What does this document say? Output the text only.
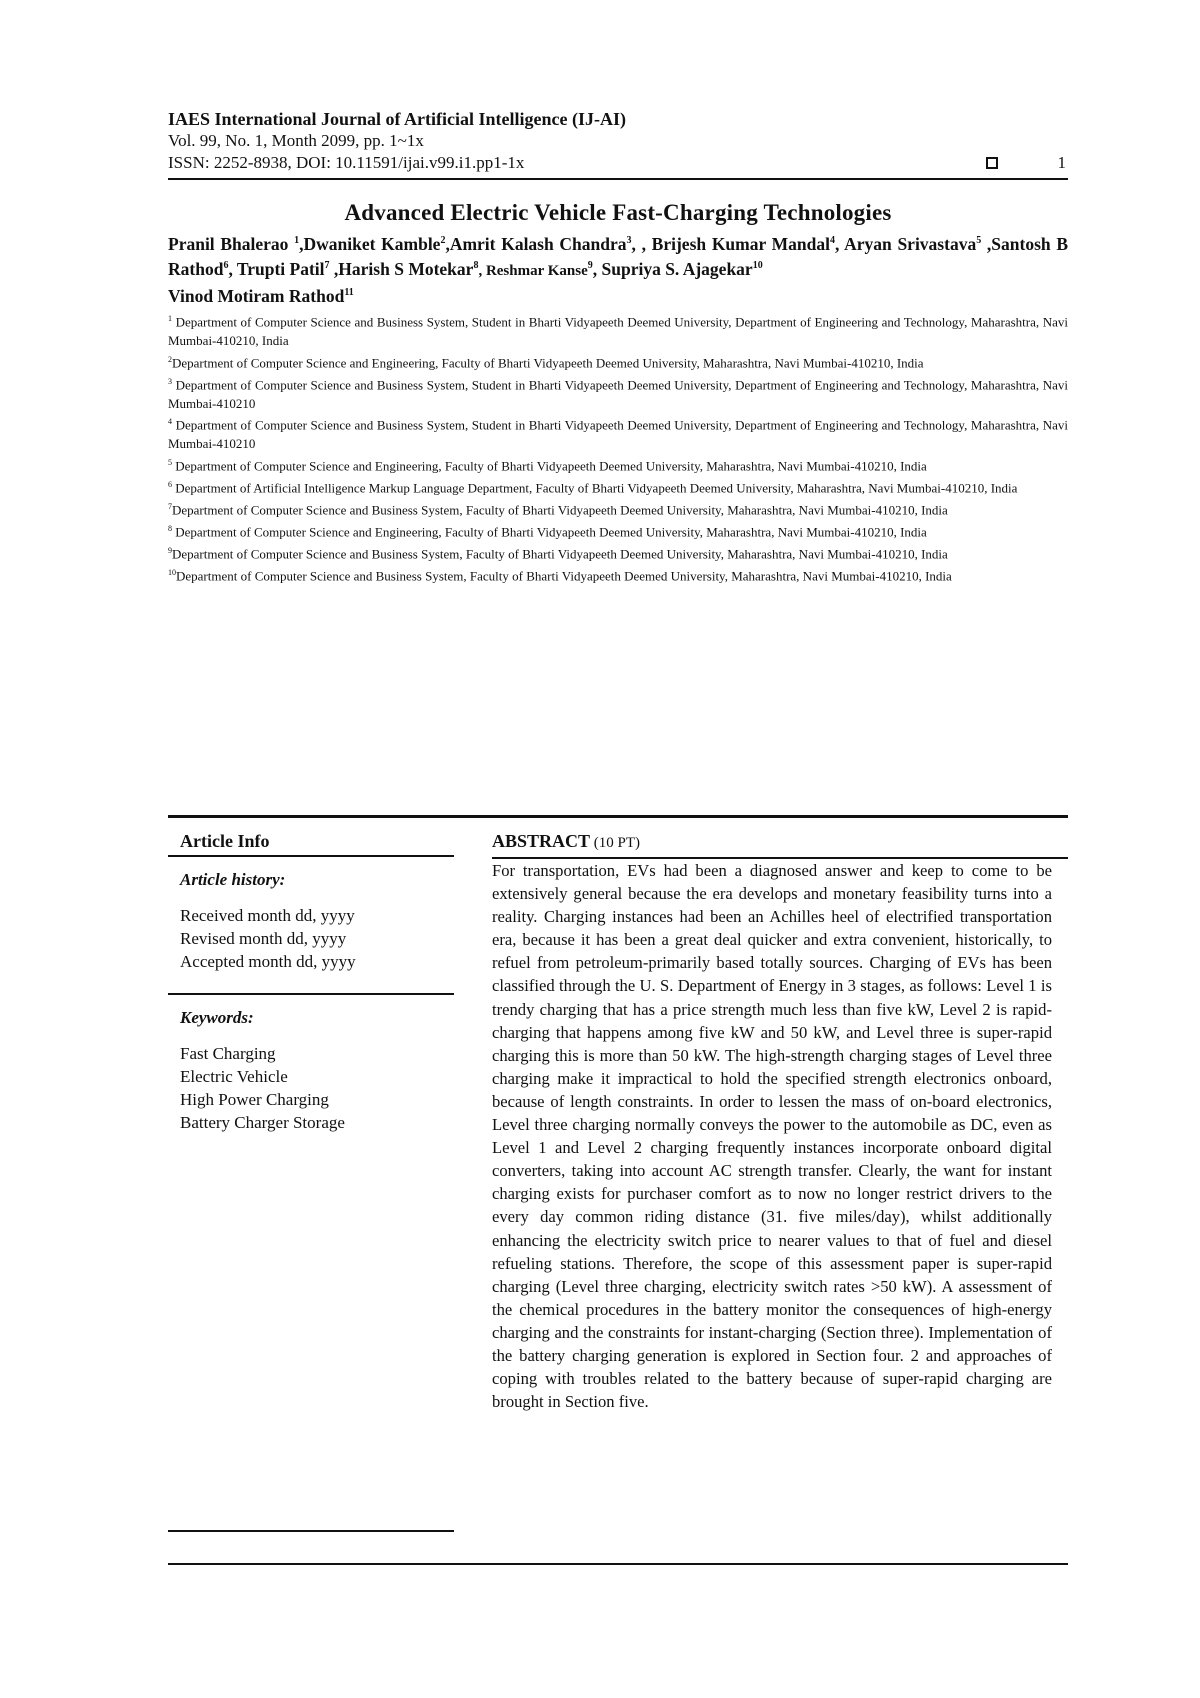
IAES International Journal of Artificial Intelligence (IJ-AI)
Vol. 99, No. 1, Month 2099, pp. 1~1x
ISSN: 2252-8938, DOI: 10.11591/ijai.v99.i1.pp1-1x	1
Advanced Electric Vehicle Fast-Charging Technologies
Pranil Bhalerao $^1$,Dwaniket Kamble$^2$,Amrit Kalash Chandra$^3$, , Brijesh Kumar Mandal$^4$, Aryan Srivastava$^5$ ,Santosh B Rathod$^6$, Trupti Patil$^7$ ,Harish S Motekar$^8$, Reshmar Kanse$^9$, Supriya S. Ajagekar$^{10}$
Vinod Motiram Rathod$^{11}$
$^1$ Department of Computer Science and Business System, Student in Bharti Vidyapeeth Deemed University, Department of Engineering and Technology, Maharashtra, Navi Mumbai-410210, India
$^2$Department of Computer Science and Engineering, Faculty of Bharti Vidyapeeth Deemed University, Maharashtra, Navi Mumbai-410210, India
$^3$ Department of Computer Science and Business System, Student in Bharti Vidyapeeth Deemed University, Department of Engineering and Technology, Maharashtra, Navi Mumbai-410210
$^4$ Department of Computer Science and Business System, Student in Bharti Vidyapeeth Deemed University, Department of Engineering and Technology, Maharashtra, Navi Mumbai-410210
$^5$ Department of Computer Science and Engineering, Faculty of Bharti Vidyapeeth Deemed University, Maharashtra, Navi Mumbai-410210, India
$^6$ Department of Artificial Intelligence Markup Language Department, Faculty of Bharti Vidyapeeth Deemed University, Maharashtra, Navi Mumbai-410210, India
$^7$Department of Computer Science and Business System, Faculty of Bharti Vidyapeeth Deemed University, Maharashtra, Navi Mumbai-410210, India
$^8$ Department of Computer Science and Engineering, Faculty of Bharti Vidyapeeth Deemed University, Maharashtra, Navi Mumbai-410210, India
$^9$Department of Computer Science and Business System, Faculty of Bharti Vidyapeeth Deemed University, Maharashtra, Navi Mumbai-410210, India
$^{10}$Department of Computer Science and Business System, Faculty of Bharti Vidyapeeth Deemed University, Maharashtra, Navi Mumbai-410210, India
Article Info
Article history:
Received month dd, yyyy
Revised month dd, yyyy
Accepted month dd, yyyy
Keywords:
Fast Charging
Electric Vehicle
High Power Charging
Battery Charger Storage
ABSTRACT (10 PT)
For transportation, EVs had been a diagnosed answer and keep to come to be extensively general because the era develops and monetary feasibility turns into a reality. Charging instances had been an Achilles heel of electrified transportation era, because it has been a great deal quicker and extra convenient, historically, to refuel from petroleum-primarily based totally sources. Charging of EVs has been classified through the U. S. Department of Energy in 3 stages, as follows: Level 1 is trendy charging that has a price strength much less than five kW, Level 2 is rapid-charging that happens among five kW and 50 kW, and Level three is super-rapid charging this is more than 50 kW. The high-strength charging stages of Level three charging make it impractical to hold the specified strength electronics onboard, because of length constraints. In order to lessen the mass of on-board electronics, Level three charging normally conveys the power to the automobile as DC, even as Level 1 and Level 2 charging frequently instances incorporate onboard digital converters, taking into account AC strength transfer. Clearly, the want for instant charging exists for purchaser comfort as to now no longer restrict drivers to the every day common riding distance (31. five miles/day), whilst additionally enhancing the electricity switch price to nearer values to that of fuel and diesel refueling stations. Therefore, the scope of this assessment paper is super-rapid charging (Level three charging, electricity switch rates >50 kW). A assessment of the chemical procedures in the battery monitor the consequences of high-energy charging and the constraints for instant-charging (Section three). Implementation of the battery charging generation is explored in Section four. 2 and approaches of coping with troubles related to the battery because of super-rapid charging are brought in Section five.
